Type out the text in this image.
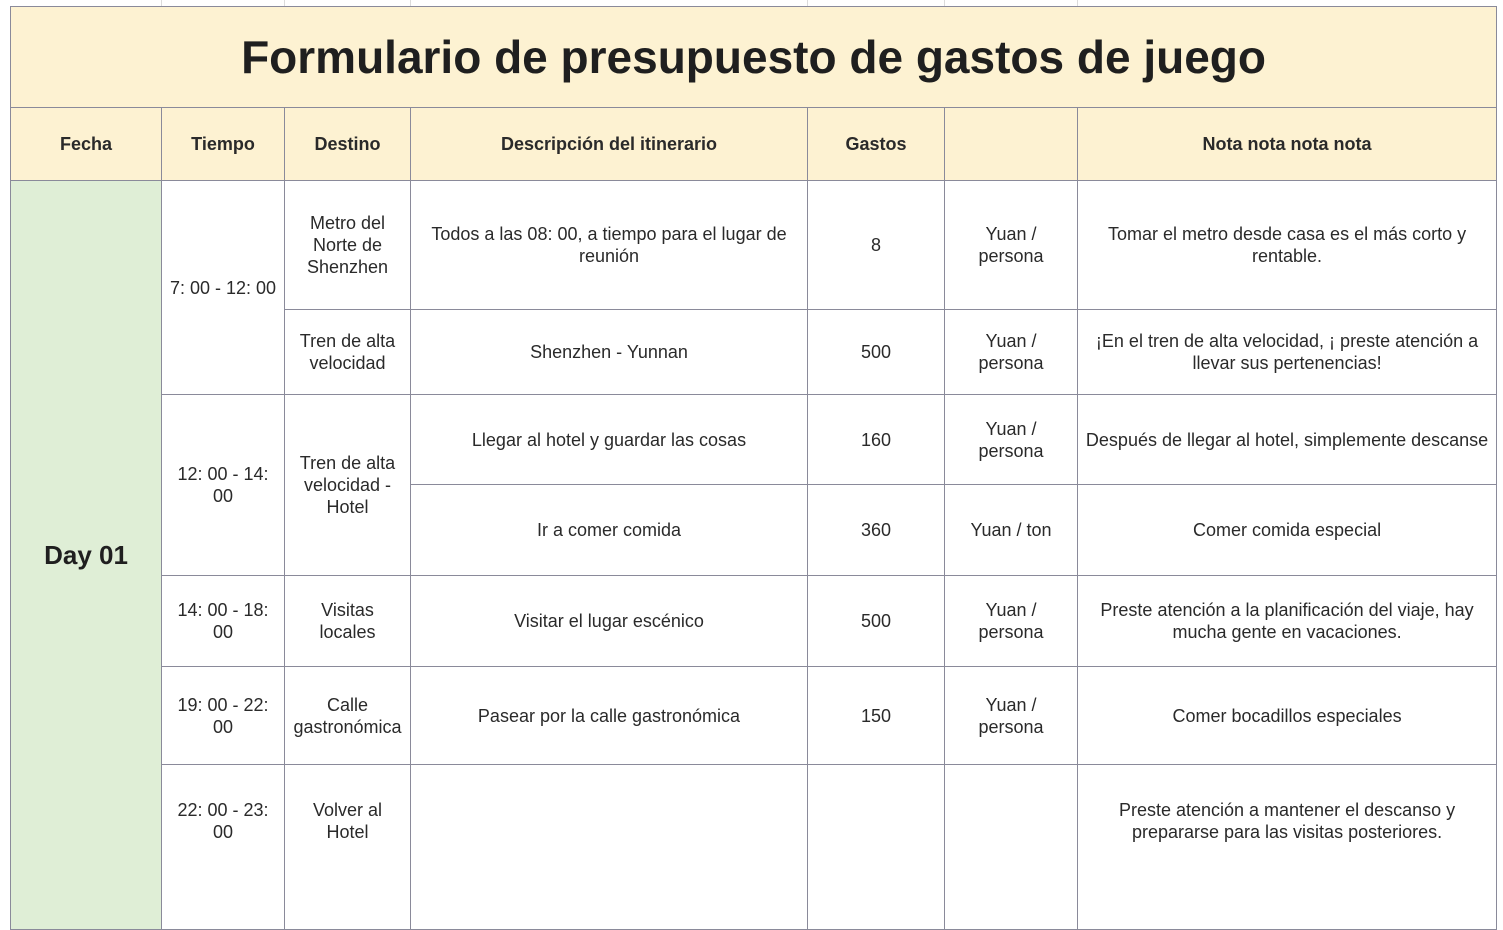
Formulario de presupuesto de gastos de juego						
Fecha	Tiempo	Destino	Descripción del itinerario	Gastos		Nota nota nota nota
Day 01	7: 00 - 12: 00	Metro del Norte de Shenzhen	Todos a las 08: 00, a tiempo para el lugar de reunión	8	Yuan / persona	Tomar el metro desde casa es el más corto y rentable.
		Tren de alta velocidad	Shenzhen - Yunnan	500	Yuan / persona	¡En el tren de alta velocidad, ¡ preste atención a llevar sus pertenencias!
	12: 00 - 14: 00	Tren de alta velocidad - Hotel	Llegar al hotel y guardar las cosas	160	Yuan / persona	Después de llegar al hotel, simplemente descanse
			Ir a comer comida	360	Yuan / ton	Comer comida especial
	14: 00 - 18: 00	Visitas locales	Visitar el lugar escénico	500	Yuan / persona	Preste atención a la planificación del viaje, hay mucha gente en vacaciones.
	19: 00 - 22: 00	Calle gastronómica	Pasear por la calle gastronómica	150	Yuan / persona	Comer bocadillos especiales
	22: 00 - 23: 00	Volver al Hotel				Preste atención a mantener el descanso y prepararse para las visitas posteriores.
